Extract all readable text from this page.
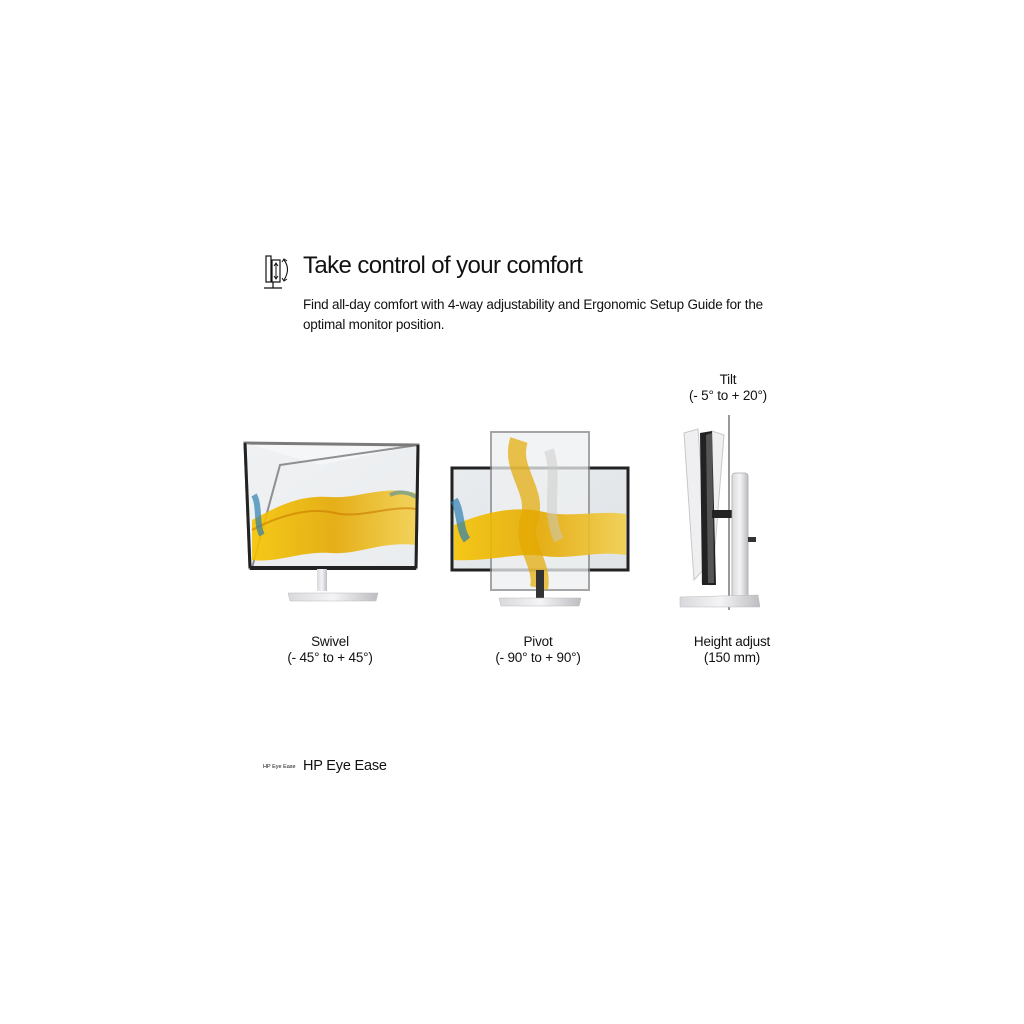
Take control of your comfort
Find all-day comfort with 4-way adjustability and Ergonomic Setup Guide for the
optimal monitor position.
Tilt
(- 5° to + 20°)
Swivel
(- 45° to + 45°)
Pivot
(- 90° to + 90°)
Height adjust
(150 mm)
HP Eye Ease HP Eye Ease
